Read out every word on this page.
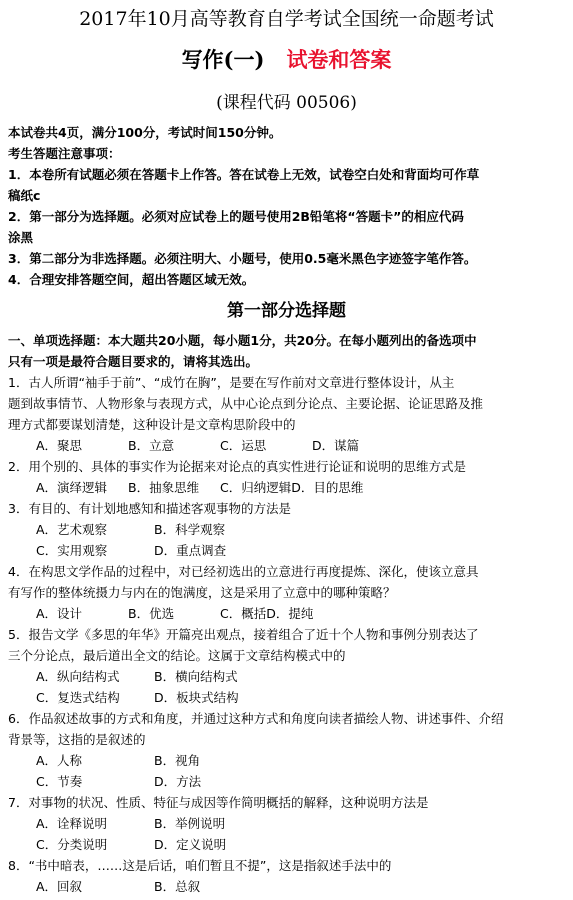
2017年10月高等教育自学考试全国统一命题考试
写作(一) 试卷和答案
(课程代码 00506)
本试卷共4页，满分100分，考试时间150分钟。
考生答题注意事项：
1．本卷所有试题必须在答题卡上作答。答在试卷上无效，试卷空白处和背面均可作草
稿纸c
2．第一部分为选择题。必须对应试卷上的题号使用2B铅笔将“答题卡”的相应代码
涂黑
3．第二部分为非选择题。必须注明大、小题号，使用0.5毫米黑色字迹签字笔作答。
4．合理安排答题空间，超出答题区域无效。
第一部分选择题
一、单项选择题：本大题共20小题，每小题1分，共20分。在每小题列出的备选项中
只有一项是最符合题目要求的，请将其选出。
1．古人所谓“袖手于前”、“成竹在胸”，是要在写作前对文章进行整体设计，从主
题到故事情节、人物形象与表现方式，从中心论点到分论点、主要论据、论证思路及推
理方式都要谋划清楚，这种设计是文章构思阶段中的
A．聚思	B．立意	C．运思	D．谋篇
2．用个别的、具体的事实作为论据来对论点的真实性进行论证和说明的思维方式是
A．演绎逻辑 B．抽象思维 C．归纳逻辑D．目的思维
3．有目的、有计划地感知和描述客观事物的方法是
A．艺术观察	B．科学观察
C．实用观察	D．重点调查
4．在构思文学作品的过程中，对已经初选出的立意进行再度提炼、深化，使该立意具
有写作的整体统摄力与内在的饱满度，这是采用了立意中的哪种策略？
A．设计	B．优选	C．概括D．提纯
5．报告文学《多思的年华》开篇亮出观点，接着组合了近十个人物和事例分别表达了
三个分论点，最后道出全文的结论。这属于文章结构模式中的
A．纵向结构式	B．横向结构式
C．复迭式结构	D．板块式结构
6．作品叙述故事的方式和角度，并通过这种方式和角度向读者描绘人物、讲述事件、介绍
背景等，这指的是叙述的
A．人称	B．视角
C．节奏	D．方法
7．对事物的状况、性质、特征与成因等作简明概括的解释，这种说明方法是
A．诠释说明	B．举例说明
C．分类说明	D．定义说明
8．“书中暗表，……这是后话，咱们暂且不提”，这是指叙述手法中的
A．回叙	B．总叙
